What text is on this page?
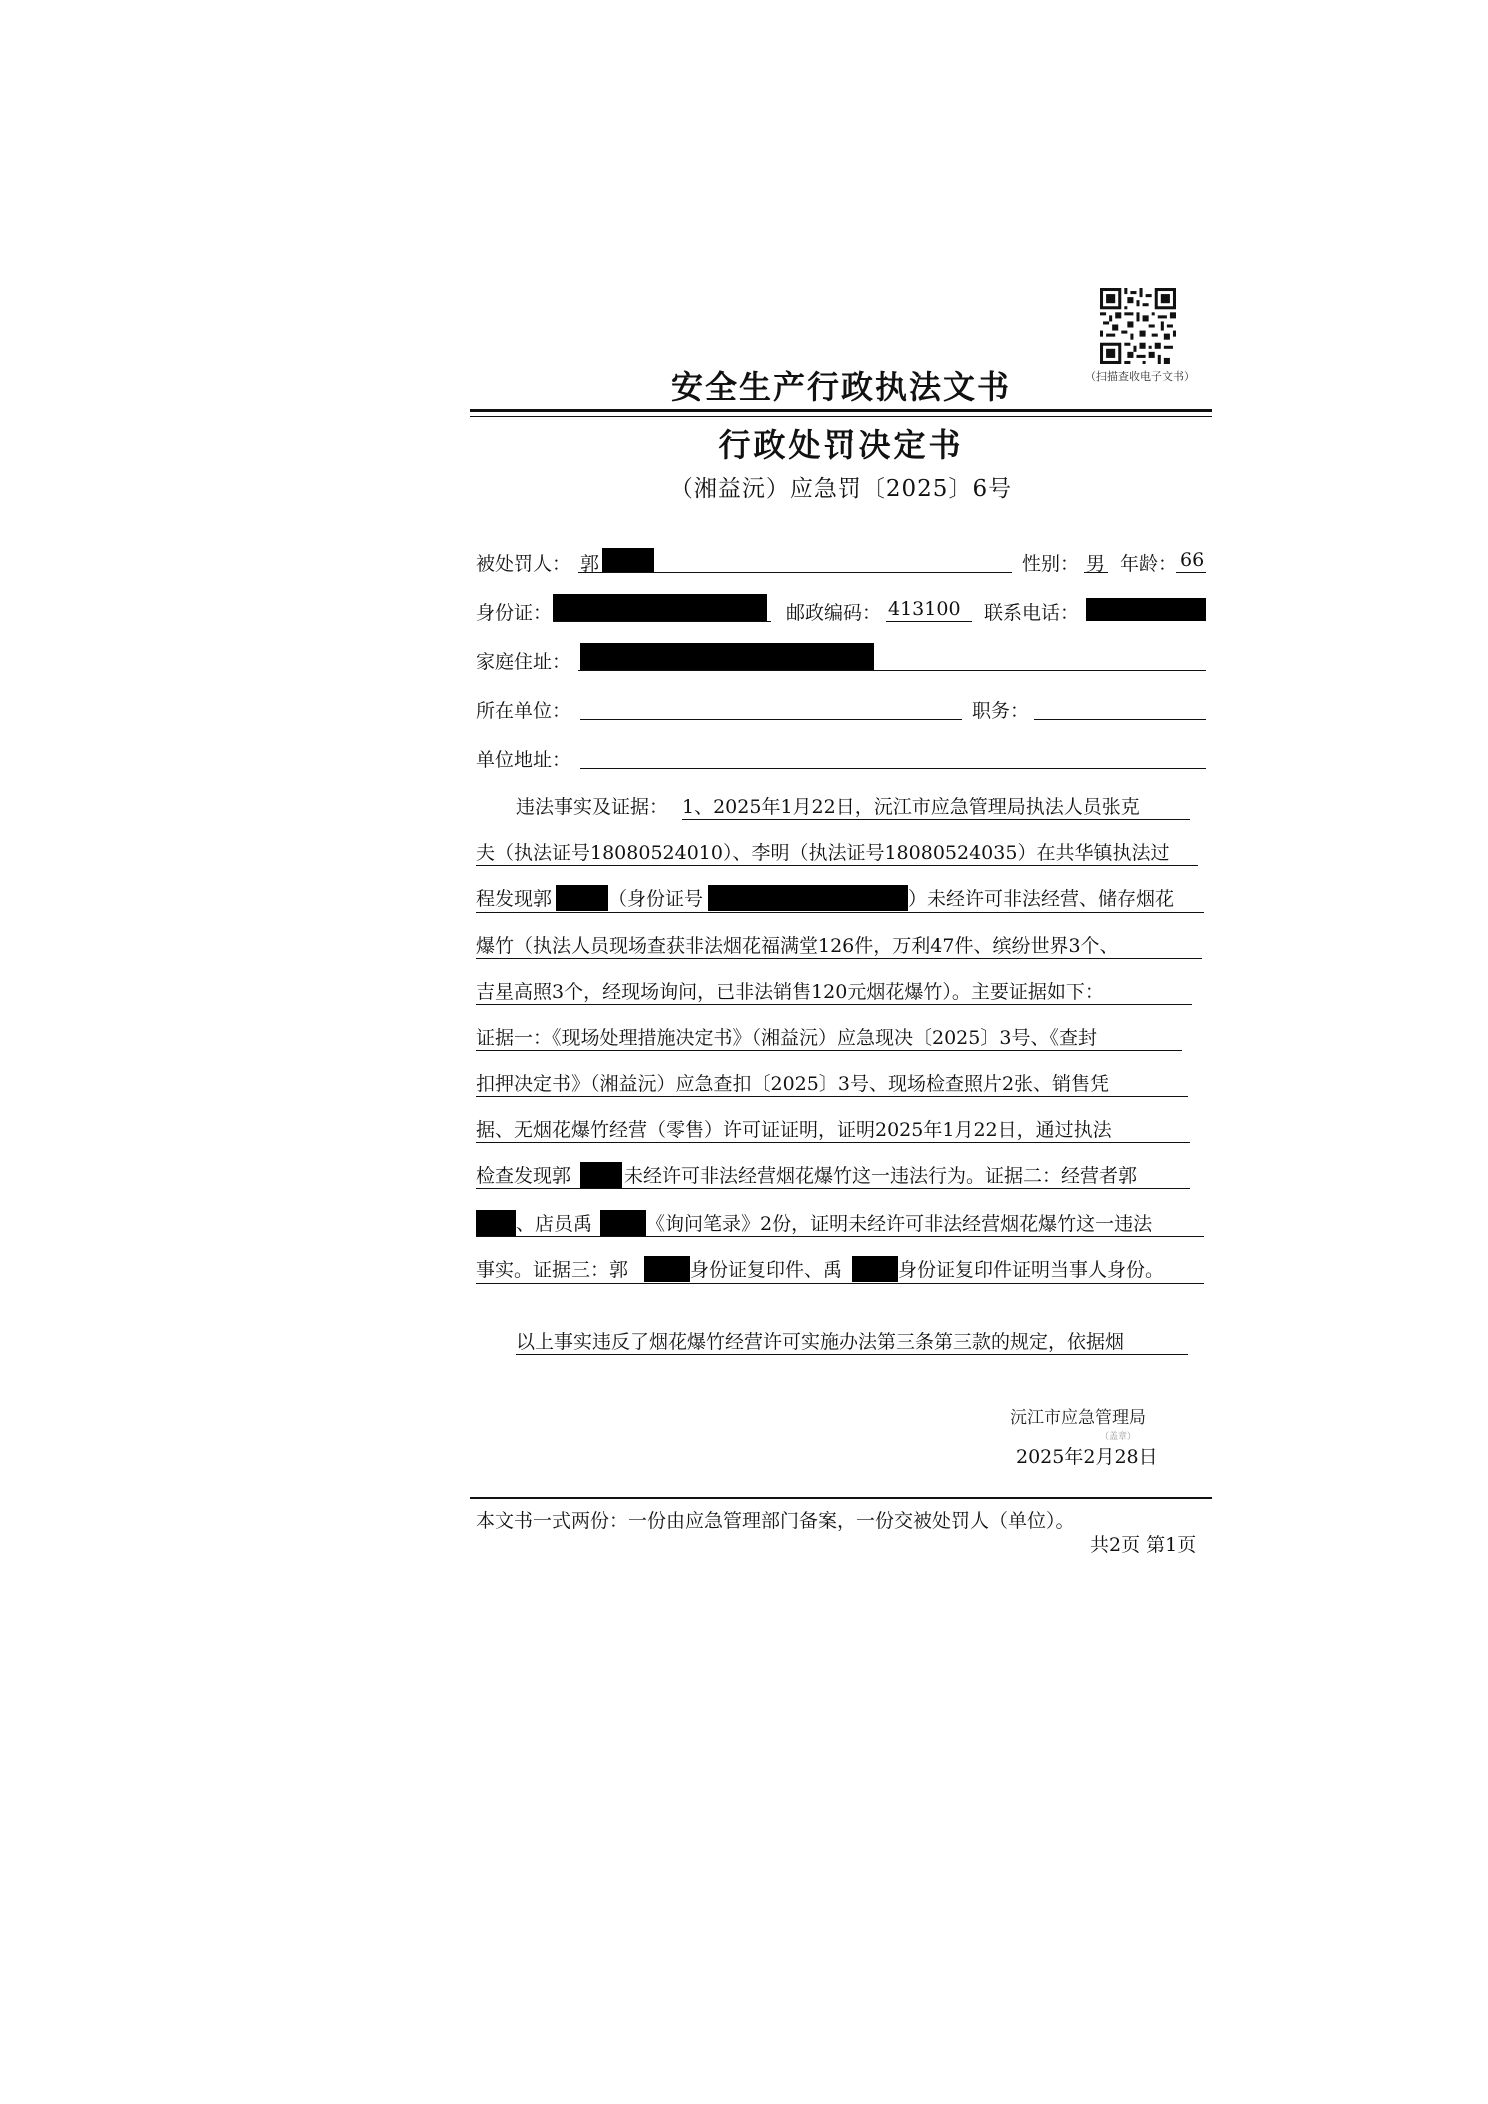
（扫描查收电子文书）
安全生产行政执法文书
行政处罚决定书
（湘益沅）应急罚〔2025〕6号
被处罚人： 郭	性别： 男 年龄： 66
身份证：	邮政编码： 413100 联系电话：
家庭住址：
所在单位：	职务：
单位地址：
违法事实及证据： 1、2025年1月22日，沅江市应急管理局执法人员张克
夫（执法证号18080524010）、李明（执法证号18080524035）在共华镇执法过
程发现郭	（身份证号	）未经许可非法经营、储存烟花
爆竹（执法人员现场查获非法烟花福满堂126件，万利47件、缤纷世界3个、
吉星高照3个，经现场询问，已非法销售120元烟花爆竹）。主要证据如下：
证据一：《现场处理措施决定书》（湘益沅）应急现决〔2025〕3号、《查封
扣押决定书》（湘益沅）应急查扣〔2025〕3号、现场检查照片2张、销售凭
据、无烟花爆竹经营（零售）许可证证明，证明2025年1月22日，通过执法
检查发现郭	未经许可非法经营烟花爆竹这一违法行为。证据二：经营者郭
、店员禹	《询问笔录》2份，证明未经许可非法经营烟花爆竹这一违法
事实。证据三：郭	身份证复印件、禹	身份证复印件证明当事人身份。
以上事实违反了烟花爆竹经营许可实施办法第三条第三款的规定，依据烟
沅江市应急管理局
（盖章）
2025年2月28日
本文书一式两份：一份由应急管理部门备案，一份交被处罚人（单位）。
共2页 第1页
